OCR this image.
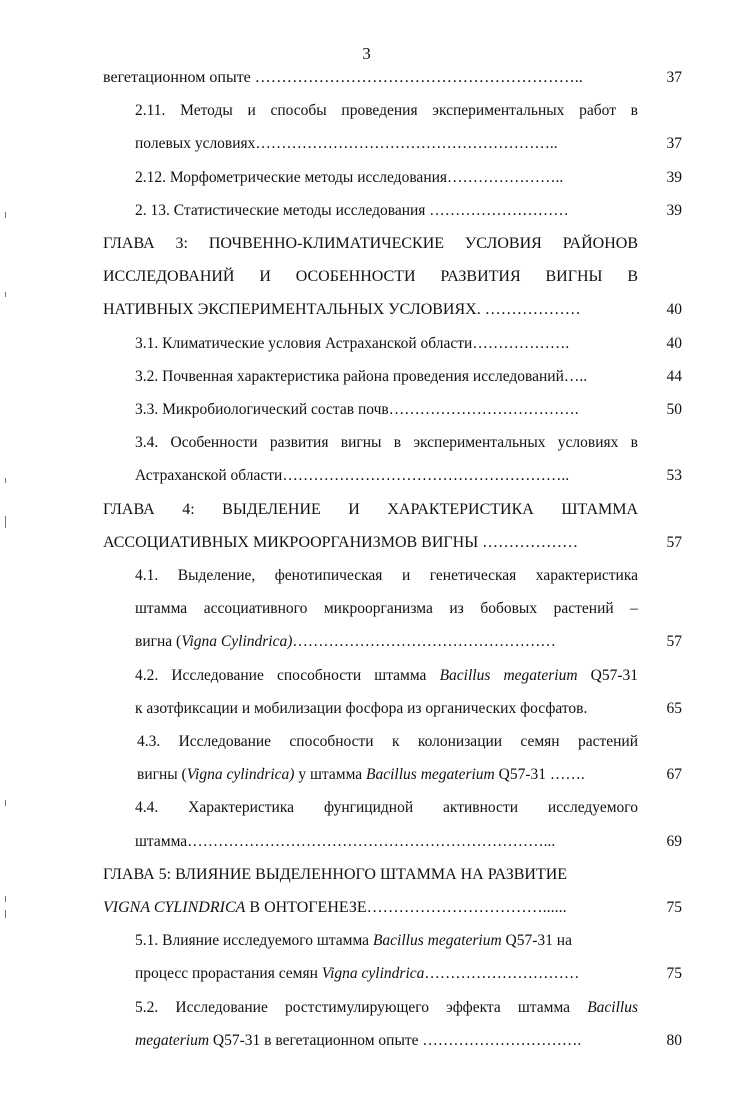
3
вегетационном опыте ……………………………………………………..	37
2.11. Методы и способы проведения экспериментальных работ в
полевых условиях…………………………………………………..	37
2.12. Морфометрические методы исследования…………………..	39
2. 13. Статистические методы исследования ………………………	39
ГЛАВА 3: ПОЧВЕННО-КЛИМАТИЧЕСКИЕ УСЛОВИЯ РАЙОНОВ
ИССЛЕДОВАНИЙ И ОСОБЕННОСТИ РАЗВИТИЯ ВИГНЫ В
НАТИВНЫХ ЭКСПЕРИМЕНТАЛЬНЫХ УСЛОВИЯХ. ………………	40
3.1. Климатические условия Астраханской области……………….	40
3.2. Почвенная характеристика района проведения исследований…..	44
3.3. Микробиологический состав почв……………………………….	50
3.4. Особенности развития вигны в экспериментальных условиях в
Астраханской области………………………………………………..	53
ГЛАВА 4: ВЫДЕЛЕНИЕ И ХАРАКТЕРИСТИКА ШТАММА
АССОЦИАТИВНЫХ МИКРООРГАНИЗМОВ ВИГНЫ ………………	57
4.1. Выделение, фенотипическая и генетическая характеристика
штамма ассоциативного микроорганизма из бобовых растений –
вигна (Vigna Cylindrica)……………………………………………	57
4.2. Исследование способности штамма Bacillus megaterium Q57-31
к азотфиксации и мобилизации фосфора из органических фосфатов.	65
4.3. Исследование способности к колонизации семян растений
вигны (Vigna cylindrica) у штамма Bacillus megaterium Q57-31 …….	67
4.4. Характеристика фунгицидной активности исследуемого
штамма……………………………………………………………...	69
ГЛАВА 5: ВЛИЯНИЕ ВЫДЕЛЕННОГО ШТАММА НА РАЗВИТИЕ
VIGNA CYLINDRICA В ОНТОГЕНЕЗЕ……………………………......	75
5.1. Влияние исследуемого штамма Bacillus megaterium Q57-31 на
процесс прорастания семян Vigna cylindrica…………………………	75
5.2. Исследование ростстимулирующего эффекта штамма Bacillus
megaterium Q57-31 в вегетационном опыте ………………………….	80
